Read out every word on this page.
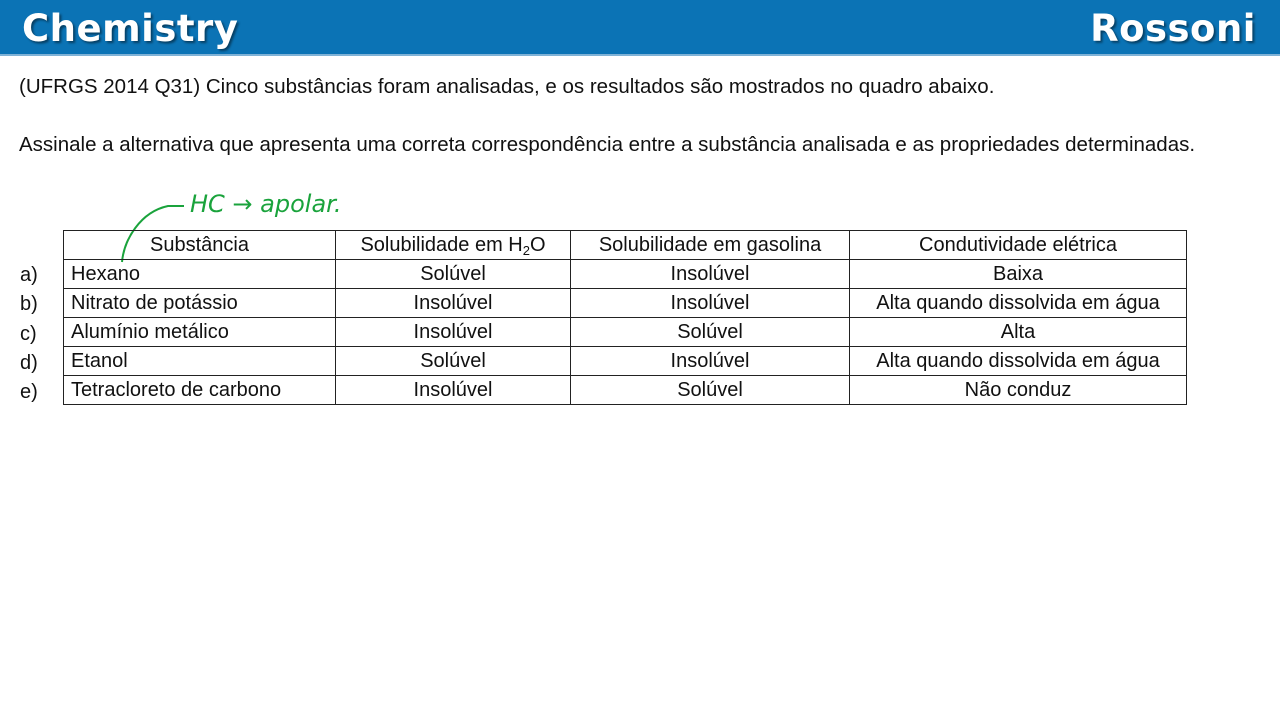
Chemistry	Rossoni
(UFRGS 2014 Q31) Cinco substâncias foram analisadas, e os resultados são mostrados no quadro abaixo.
Assinale a alternativa que apresenta uma correta correspondência entre a substância analisada e as propriedades determinadas.
HC → apolar.
Substância	Solubilidade em $H_2O$	Solubilidade em gasolina	Condutividade elétrica
Hexano	Solúvel	Insolúvel	Baixa
Nitrato de potássio	Insolúvel	Insolúvel	Alta quando dissolvida em água
Alumínio metálico	Insolúvel	Solúvel	Alta
Etanol	Solúvel	Insolúvel	Alta quando dissolvida em água
Tetracloreto de carbono	Insolúvel	Solúvel	Não conduz
a)
b)
c)
d)
e)
